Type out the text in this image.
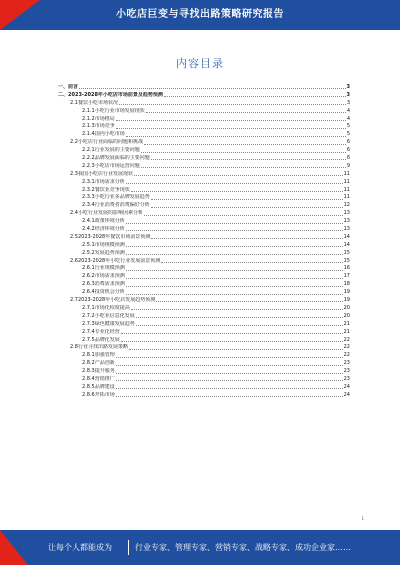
小吃店巨变与寻找出路策略研究报告
内容目录
一、 前言	3
二、 2023-2028年小吃店市场前景及趋势预测	3
2.1 餐饮小吃市场状况	3
2.1.1 小吃行业市场发展现状	4
2.1.2 市场格局	4
2.1.3 市场竞争	5
2.1.4 国内小吃市场	5
2.2 小吃店行业面临的问题和挑战	6
2.2.1 行业发展的主要问题	6
2.2.2 品牌发展面临的主要问题	6
2.2.3 小吃店市场运营问题	9
2.3 我国小吃店行业发展现状	11
2.3.1 市场需求分析	11
2.3.2 餐饮业竞争现状	11
2.3.3 小吃行业多品牌发展趋势	11
2.3.4 行业消费者消费偏好分析	12
2.4 小吃行业发展的影响因素分析	13
2.4.1 政策环境分析	13
2.4.2 经济环境分析	13
2.5 2023-2028年餐饮市场前景预测	14
2.5.1 市场规模预测	14
2.5.2 发展趋势预测	15
2.6 2023-2028年小吃行业发展前景预测	15
2.6.1 行业规模预测	16
2.6.2 市场需求预测	17
2.6.3 消费需求预测	18
2.6.4 投资机会分析	19
2.7 2023-2028年小吃店发展趋势预测	19
2.7.1 市场化程度提高	20
2.7.2 小吃业信息化发展	20
2.7.3 绿色健康发展趋势	21
2.7.4 专业化经营	21
2.7.5 品牌化发展	22
2.8 行业寻找出路发展策略	22
2.8.1 加强管理	22
2.8.2 产品创新	23
2.8.3 提升服务	23
2.8.4 营销推广	23
2.8.5 品牌建设	24
2.8.6 开拓市场	24
1
让每个人都能成为	行业专家、管理专家、营销专家、战略专家、成功企业家……
